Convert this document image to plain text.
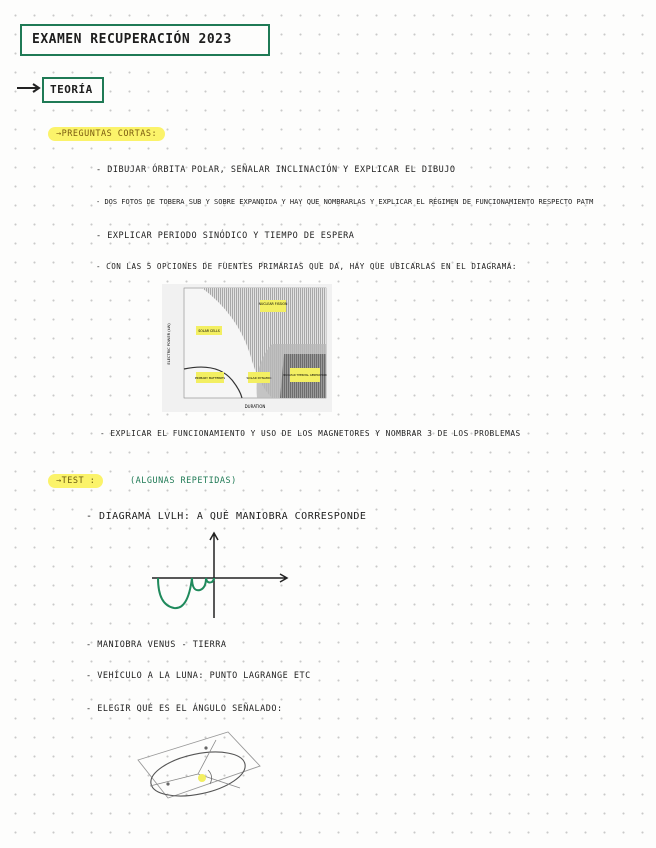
EXAMEN RECUPERACIÓN 2023
TEORÍA
→PREGUNTAS CORTAS:
- DIBUJAR ÓRBITA POLAR, SEÑALAR INCLINACIÓN Y EXPLICAR EL DIBUJO
- DOS FOTOS DE TOBERA SUB Y SOBRE EXPANDIDA Y HAY QUE NOMBRARLAS Y EXPLICAR EL RÉGIMEN DE FUNCIONAMIENTO RESPECTO PATM
- EXPLICAR PERIODO SINÓDICO Y TIEMPO DE ESPERA
- CON LAS 5 OPCIONES DE FUENTES PRIMARIAS QUE DA, HAY QUE UBICARLAS EN EL DIAGRAMA:
NUCLEAR FISSION
SOLAR CELLS
PRIMARY BATTERIES	SOLAR DYNAMIC
NUCLEAR THERMAL GENERATION
DURATION
ELECTRIC POWER (kW)
- EXPLICAR EL FUNCIONAMIENTO Y USO DE LOS MAGNETORES Y NOMBRAR 3 DE LOS PROBLEMAS
→TEST :	(ALGUNAS REPETIDAS)
- DIAGRAMA LVLH: A QUÉ MANIOBRA CORRESPONDE
- MANIOBRA VENUS - TIERRA
- VEHÍCULO A LA LUNA: PUNTO LAGRANGE ETC
- ELEGIR QUÉ ES EL ÁNGULO SEÑALADO:
